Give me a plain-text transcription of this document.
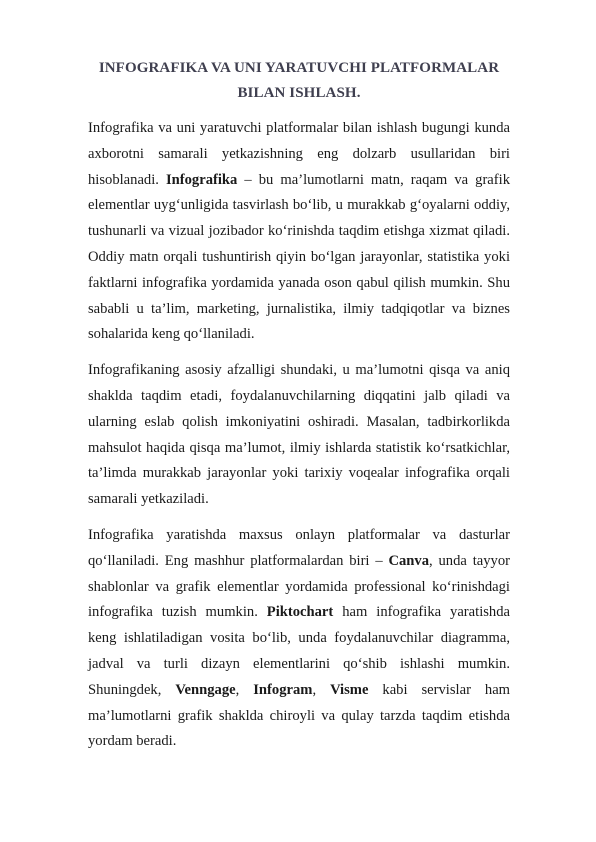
INFOGRAFIKA VA UNI YARATUVCHI PLATFORMALAR
BILAN ISHLASH.

Infografika va uni yaratuvchi platformalar bilan ishlash bugungi kunda axborotni samarali yetkazishning eng dolzarb usullaridan biri hisoblanadi. Infografika – bu ma’lumotlarni matn, raqam va grafik elementlar uyg‘unligida tasvirlash bo‘lib, u murakkab g‘oyalarni oddiy, tushunarli va vizual jozibador ko‘rinishda taqdim etishga xizmat qiladi. Oddiy matn orqali tushuntirish qiyin bo‘lgan jarayonlar, statistika yoki faktlarni infografika yordamida yanada oson qabul qilish mumkin. Shu sababli u ta’lim, marketing, jurnalistika, ilmiy tadqiqotlar va biznes sohalarida keng qo‘llaniladi.

Infografikaning asosiy afzalligi shundaki, u ma’lumotni qisqa va aniq shaklda taqdim etadi, foydalanuvchilarning diqqatini jalb qiladi va ularning eslab qolish imkoniyatini oshiradi. Masalan, tadbirkorlikda mahsulot haqida qisqa ma’lumot, ilmiy ishlarda statistik ko‘rsatkichlar, ta’limda murakkab jarayonlar yoki tarixiy voqealar infografika orqali samarali yetkaziladi.

Infografika yaratishda maxsus onlayn platformalar va dasturlar qo‘llaniladi. Eng mashhur platformalardan biri – Canva, unda tayyor shablonlar va grafik elementlar yordamida professional ko‘rinishdagi infografika tuzish mumkin. Piktochart ham infografika yaratishda keng ishlatiladigan vosita bo‘lib, unda foydalanuvchilar diagramma, jadval va turli dizayn elementlarini qo‘shib ishlashi mumkin. Shuningdek, Venngage, Infogram, Visme kabi servislar ham ma’lumotlarni grafik shaklda chiroyli va qulay tarzda taqdim etishda yordam beradi.
